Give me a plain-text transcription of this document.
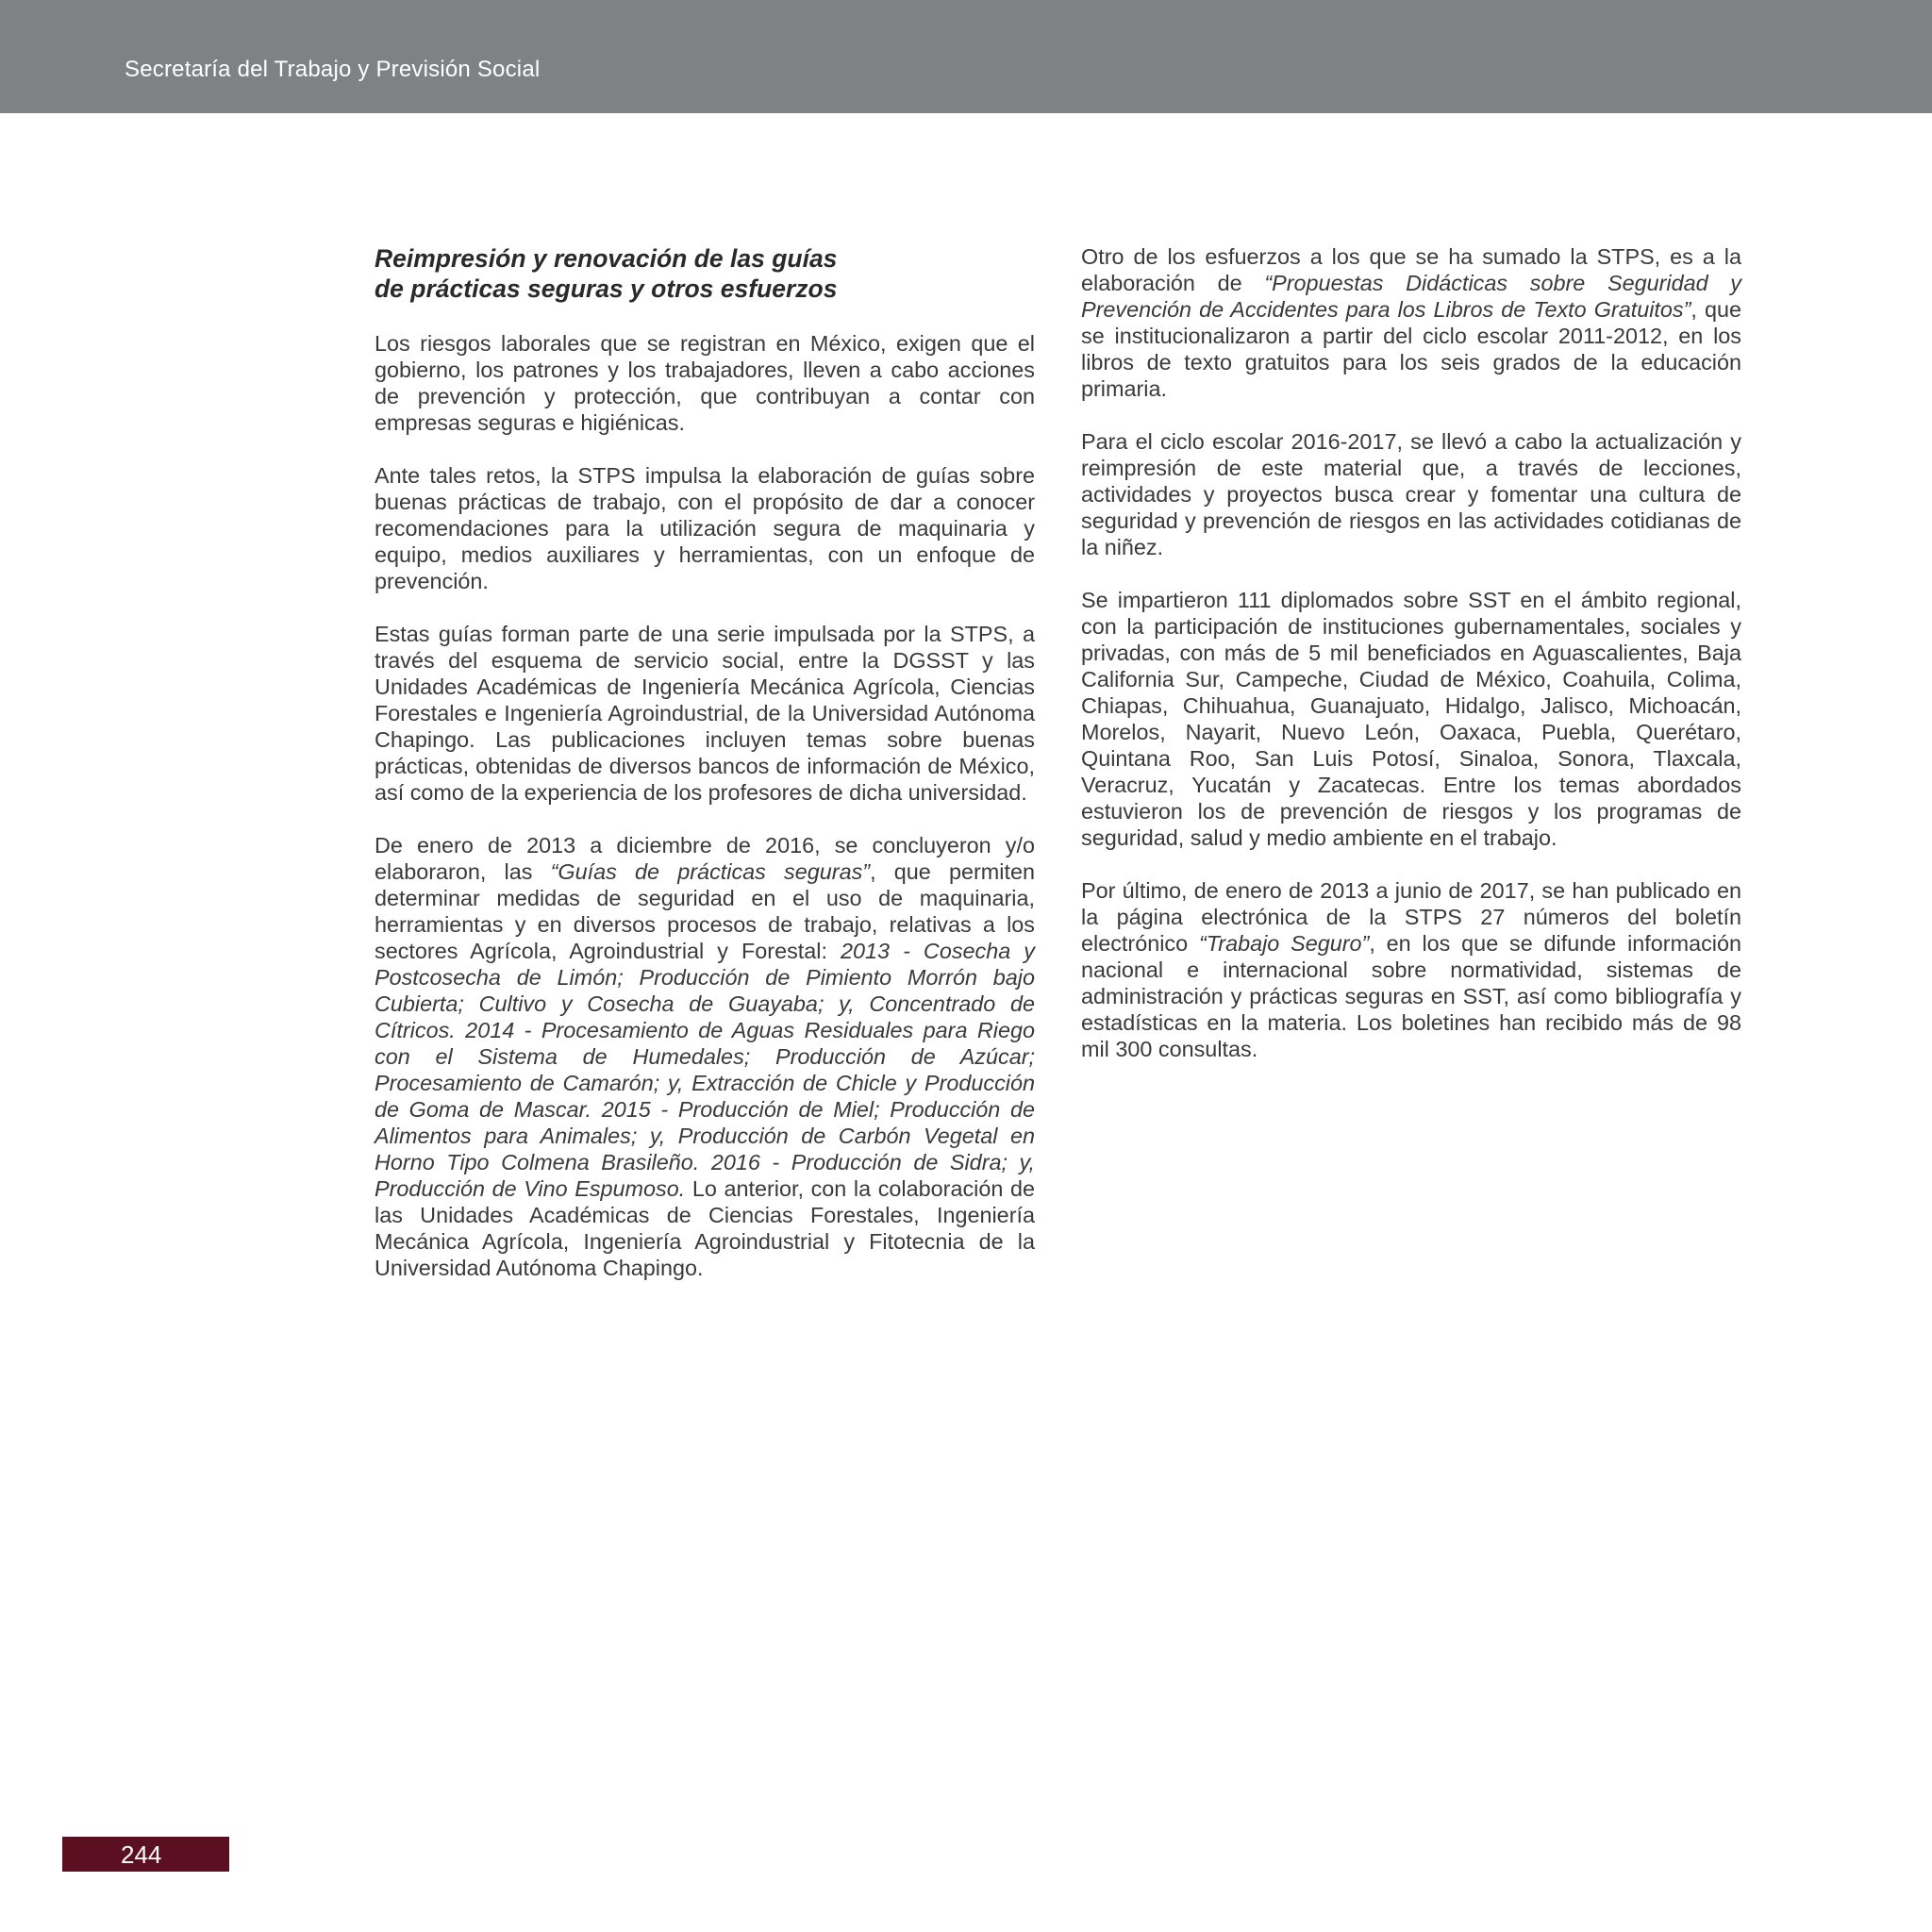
Secretaría del Trabajo y Previsión Social
Reimpresión y renovación de las guías
de prácticas seguras y otros esfuerzos

Los riesgos laborales que se registran en México, exigen que el gobierno, los patrones y los trabajadores, lleven a cabo acciones de prevención y protección, que contribuyan a contar con empresas seguras e higiénicas.

Ante tales retos, la STPS impulsa la elaboración de guías sobre buenas prácticas de trabajo, con el propósito de dar a conocer recomendaciones para la utilización segura de maquinaria y equipo, medios auxiliares y herramientas, con un enfoque de prevención.

Estas guías forman parte de una serie impulsada por la STPS, a través del esquema de servicio social, entre la DGSST y las Unidades Académicas de Ingeniería Mecánica Agrícola, Ciencias Forestales e Ingeniería Agroindustrial, de la Universidad Autónoma Chapingo. Las publicaciones incluyen temas sobre buenas prácticas, obtenidas de diversos bancos de información de México, así como de la experiencia de los profesores de dicha universidad.

De enero de 2013 a diciembre de 2016, se concluyeron y/o elaboraron, las “Guías de prácticas seguras”, que permiten determinar medidas de seguridad en el uso de maquinaria, herramientas y en diversos procesos de trabajo, relativas a los sectores Agrícola, Agroindustrial y Forestal: 2013 - Cosecha y Postcosecha de Limón; Producción de Pimiento Morrón bajo Cubierta; Cultivo y Cosecha de Guayaba; y, Concentrado de Cítricos. 2014 - Procesamiento de Aguas Residuales para Riego con el Sistema de Humedales; Producción de Azúcar; Procesamiento de Camarón; y, Extracción de Chicle y Producción de Goma de Mascar. 2015 - Producción de Miel; Producción de Alimentos para Animales; y, Producción de Carbón Vegetal en Horno Tipo Colmena Brasileño. 2016 - Producción de Sidra; y, Producción de Vino Espumoso. Lo anterior, con la colaboración de las Unidades Académicas de Ciencias Forestales, Ingeniería Mecánica Agrícola, Ingeniería Agroindustrial y Fitotecnia de la Universidad Autónoma Chapingo.

Otro de los esfuerzos a los que se ha sumado la STPS, es a la elaboración de “Propuestas Didácticas sobre Seguridad y Prevención de Accidentes para los Libros de Texto Gratuitos”, que se institucionalizaron a partir del ciclo escolar 2011-2012, en los libros de texto gratuitos para los seis grados de la educación primaria.

Para el ciclo escolar 2016-2017, se llevó a cabo la actualización y reimpresión de este material que, a través de lecciones, actividades y proyectos busca crear y fomentar una cultura de seguridad y prevención de riesgos en las actividades cotidianas de la niñez.

Se impartieron 111 diplomados sobre SST en el ámbito regional, con la participación de instituciones gubernamentales, sociales y privadas, con más de 5 mil beneficiados en Aguascalientes, Baja California Sur, Campeche, Ciudad de México, Coahuila, Colima, Chiapas, Chihuahua, Guanajuato, Hidalgo, Jalisco, Michoacán, Morelos, Nayarit, Nuevo León, Oaxaca, Puebla, Querétaro, Quintana Roo, San Luis Potosí, Sinaloa, Sonora, Tlaxcala, Veracruz, Yucatán y Zacatecas. Entre los temas abordados estuvieron los de prevención de riesgos y los programas de seguridad, salud y medio ambiente en el trabajo.

Por último, de enero de 2013 a junio de 2017, se han publicado en la página electrónica de la STPS 27 números del boletín electrónico “Trabajo Seguro”, en los que se difunde información nacional e internacional sobre normatividad, sistemas de administración y prácticas seguras en SST, así como bibliografía y estadísticas en la materia. Los boletines han recibido más de 98 mil 300 consultas.

244
